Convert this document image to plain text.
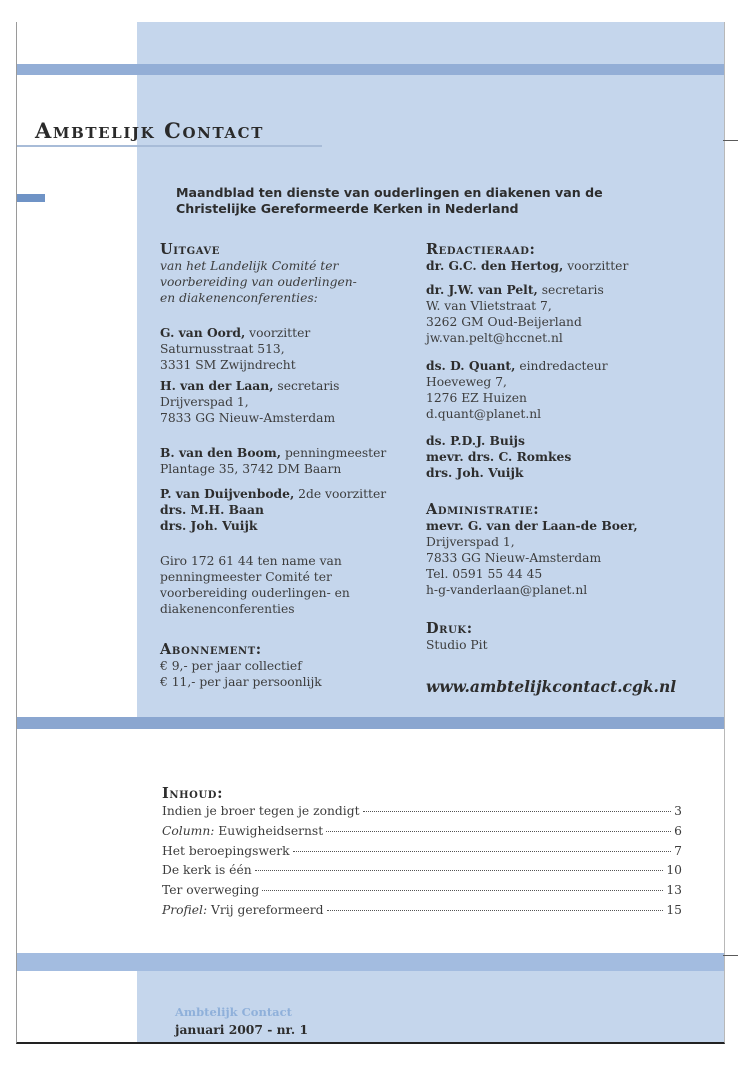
Ambtelijk Contact
Maandblad ten dienste van ouderlingen en diakenen van de
Christelijke Gereformeerde Kerken in Nederland
Uitgave
van het Landelijk Comité ter
voorbereiding van ouderlingen-
en diakenenconferenties:
G. van Oord, voorzitter
Saturnusstraat 513,
3331 SM Zwijndrecht
H. van der Laan, secretaris
Drijverspad 1,
7833 GG Nieuw-Amsterdam
B. van den Boom, penningmeester
Plantage 35, 3742 DM Baarn
P. van Duijvenbode, 2de voorzitter
drs. M.H. Baan
drs. Joh. Vuijk
Giro 172 61 44 ten name van
penningmeester Comité ter
voorbereiding ouderlingen- en
diakenenconferenties
Abonnement:
€ 9,- per jaar collectief
€ 11,- per jaar persoonlijk
Redactieraad:
dr. G.C. den Hertog, voorzitter
dr. J.W. van Pelt, secretaris
W. van Vlietstraat 7,
3262 GM Oud-Beijerland
jw.van.pelt@hccnet.nl
ds. D. Quant, eindredacteur
Hoeveweg 7,
1276 EZ Huizen
d.quant@planet.nl
ds. P.D.J. Buijs
mevr. drs. C. Romkes
drs. Joh. Vuijk
Administratie:
mevr. G. van der Laan-de Boer,
Drijverspad 1,
7833 GG Nieuw-Amsterdam
Tel. 0591 55 44 45
h-g-vanderlaan@planet.nl
Druk:
Studio Pit
www.ambtelijkcontact.cgk.nl
Inhoud:
Indien je broer tegen je zondigt	3
Column: Euwigheidsernst	6
Het beroepingswerk	7
De kerk is één	10
Ter overweging	13
Profiel: Vrij gereformeerd	15
Ambtelijk Contact
januari 2007 - nr. 1
